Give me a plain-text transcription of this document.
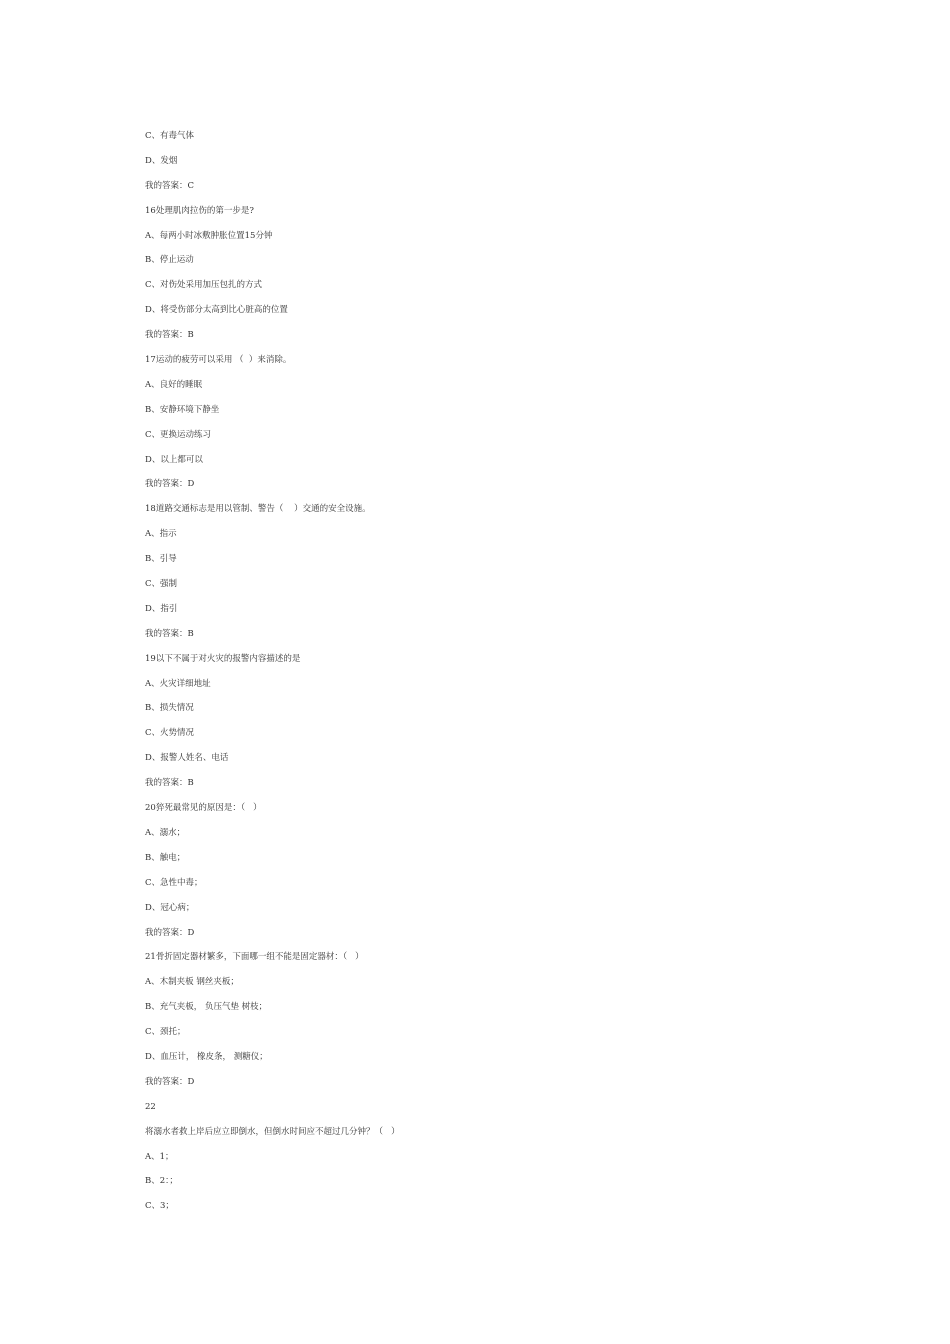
C、有毒气体
D、发烟
我的答案：C
16处理肌肉拉伤的第一步是?
A、每两小时冰敷肿胀位置15分钟
B、停止运动
C、对伤处采用加压包扎的方式
D、将受伤部分太高到比心脏高的位置
我的答案：B
17运动的疲劳可以采用 （  ）来消除。
A、良好的睡眠
B、安静环境下静坐
C、更换运动练习
D、以上都可以
我的答案：D
18道路交通标志是用以管制、警告（    ）交通的安全设施。
A、指示
B、引导
C、强制
D、指引
我的答案：B
19以下不属于对火灾的报警内容描述的是
A、火灾详细地址
B、损失情况
C、火势情况
D、报警人姓名、电话
我的答案：B
20猝死最常见的原因是：（   ）
A、溺水；
B、触电；
C、急性中毒；
D、冠心病；
我的答案：D
21骨折固定器材繁多，下面哪一组不能是固定器材：（   ）
A、木制夹板 钢丝夹板；
B、充气夹板， 负压气垫 树枝；
C、颈托；
D、血压计， 橡皮条， 测糖仪；
我的答案：D
22
将溺水者救上岸后应立即倒水，但倒水时间应不超过几分钟？（   ）
A、1；
B、2：；
C、3；
